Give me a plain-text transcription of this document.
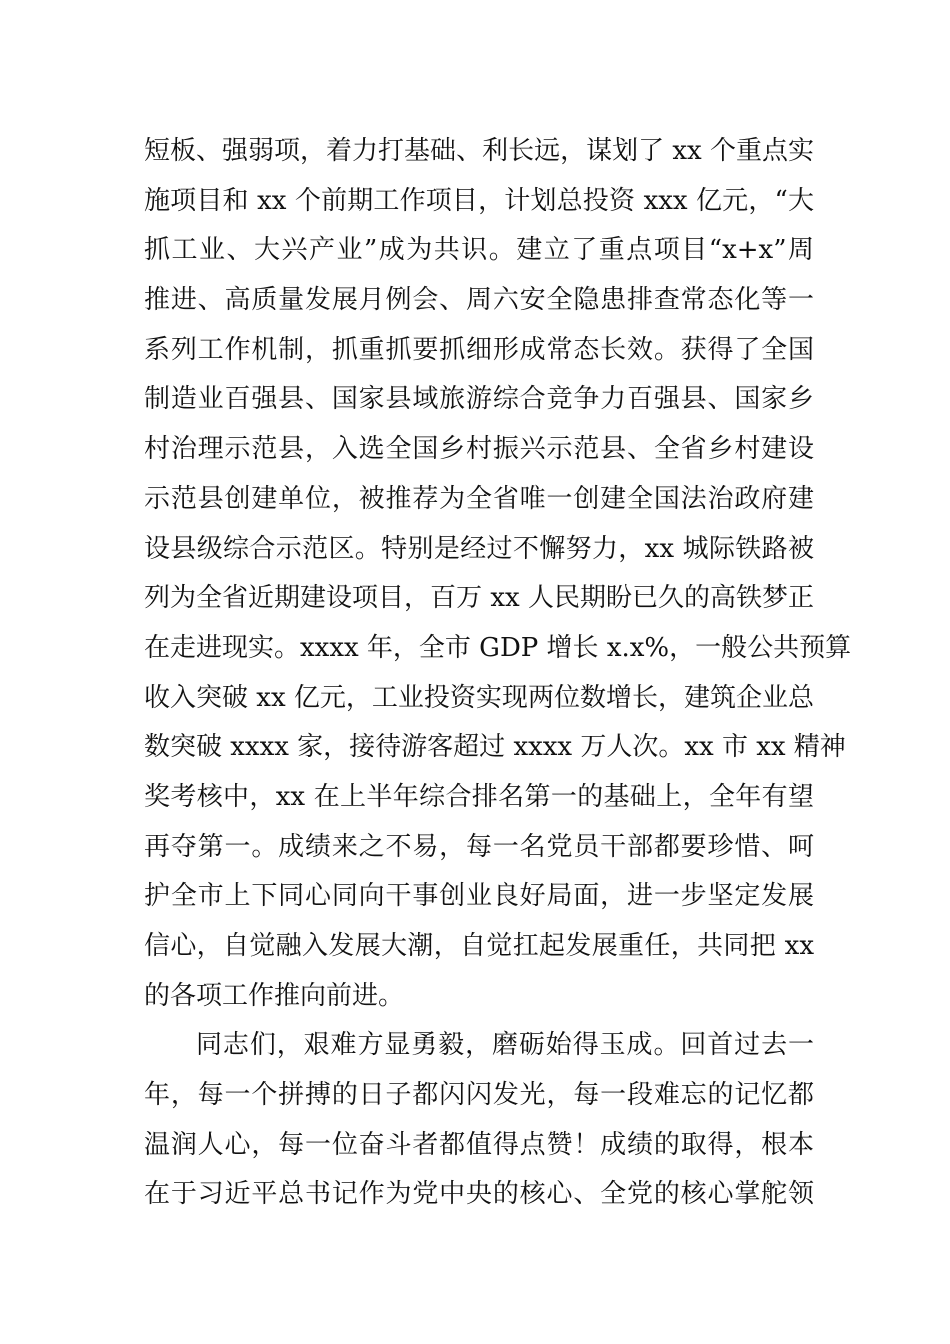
短板、强弱项，着力打基础、利长远，谋划了 xx 个重点实
施项目和 xx 个前期工作项目，计划总投资 xxx 亿元，“大
抓工业、大兴产业”成为共识。建立了重点项目“x+x”周
推进、高质量发展月例会、周六安全隐患排查常态化等一
系列工作机制，抓重抓要抓细形成常态长效。获得了全国
制造业百强县、国家县域旅游综合竞争力百强县、国家乡
村治理示范县，入选全国乡村振兴示范县、全省乡村建设
示范县创建单位，被推荐为全省唯一创建全国法治政府建
设县级综合示范区。特别是经过不懈努力，xx 城际铁路被
列为全省近期建设项目，百万 xx 人民期盼已久的高铁梦正
在走进现实。xxxx 年，全市 GDP 增长 x.x%，一般公共预算
收入突破 xx 亿元，工业投资实现两位数增长，建筑企业总
数突破 xxxx 家，接待游客超过 xxxx 万人次。xx 市 xx 精神
奖考核中，xx 在上半年综合排名第一的基础上，全年有望
再夺第一。成绩来之不易，每一名党员干部都要珍惜、呵
护全市上下同心同向干事创业良好局面，进一步坚定发展
信心，自觉融入发展大潮，自觉扛起发展重任，共同把 xx
的各项工作推向前进。
同志们，艰难方显勇毅，磨砺始得玉成。回首过去一
年，每一个拼搏的日子都闪闪发光，每一段难忘的记忆都
温润人心，每一位奋斗者都值得点赞！成绩的取得，根本
在于习近平总书记作为党中央的核心、全党的核心掌舵领
